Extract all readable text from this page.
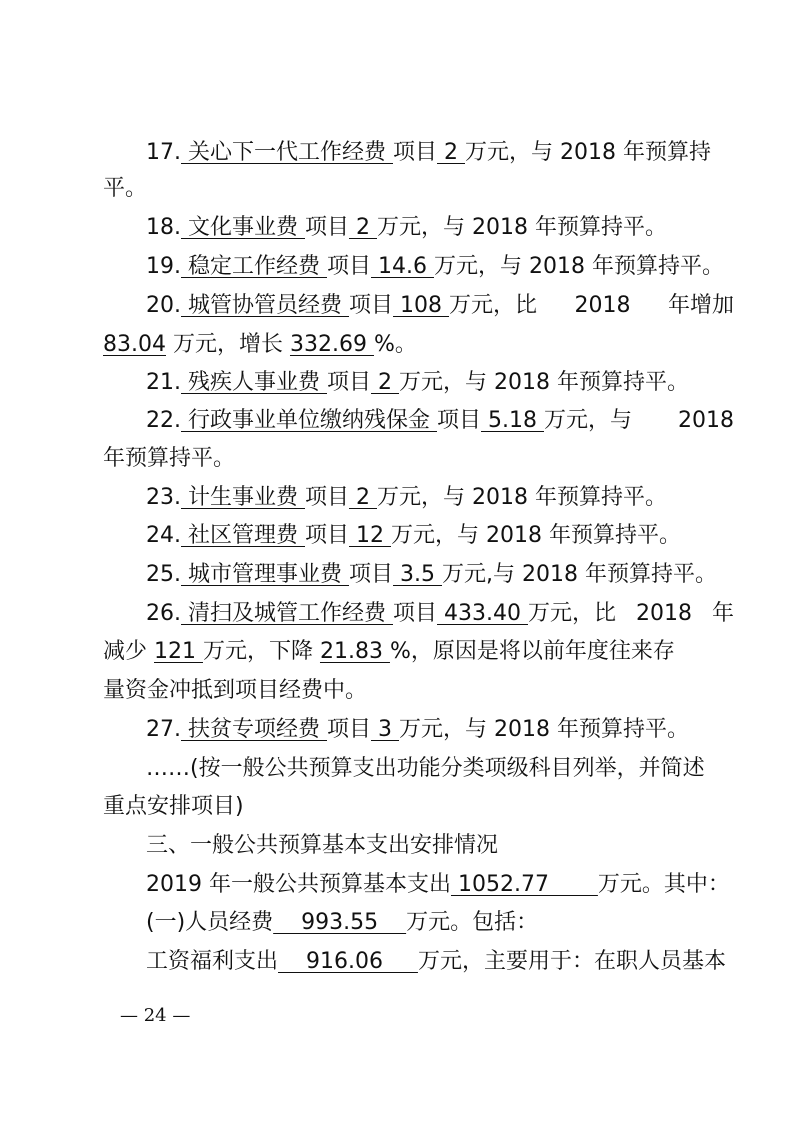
17. 关心下一代工作经费 项目 2 万元，与 2018 年预算持
平。
18. 文化事业费 项目 2 万元，与 2018 年预算持平。
19. 稳定工作经费 项目 14.6 万元，与 2018 年预算持平。
20. 城管协管员经费 项目 108 万元，比 2018 年增加
83.04 万元，增长 332.69 %。
21. 残疾人事业费 项目 2 万元，与 2018 年预算持平。
22. 行政事业单位缴纳残保金 项目 5.18 万元，与 2018
年预算持平。
23. 计生事业费 项目 2 万元，与 2018 年预算持平。
24. 社区管理费 项目 12 万元，与 2018 年预算持平。
25. 城市管理事业费 项目 3.5 万元,与 2018 年预算持平。
26. 清扫及城管工作经费 项目 433.40 万元，比 2018 年
减少 121 万元，下降 21.83 %，原因是将以前年度往来存
量资金冲抵到项目经费中。
27. 扶贫专项经费 项目 3 万元，与 2018 年预算持平。
……(按一般公共预算支出功能分类项级科目列举，并简述
重点安排项目)
三、一般公共预算基本支出安排情况
2019 年一般公共预算基本支出 1052.77       万元。其中：
(一)人员经费    993.55    万元。包括：
工资福利支出    916.06     万元，主要用于：在职人员基本
— 24 —
